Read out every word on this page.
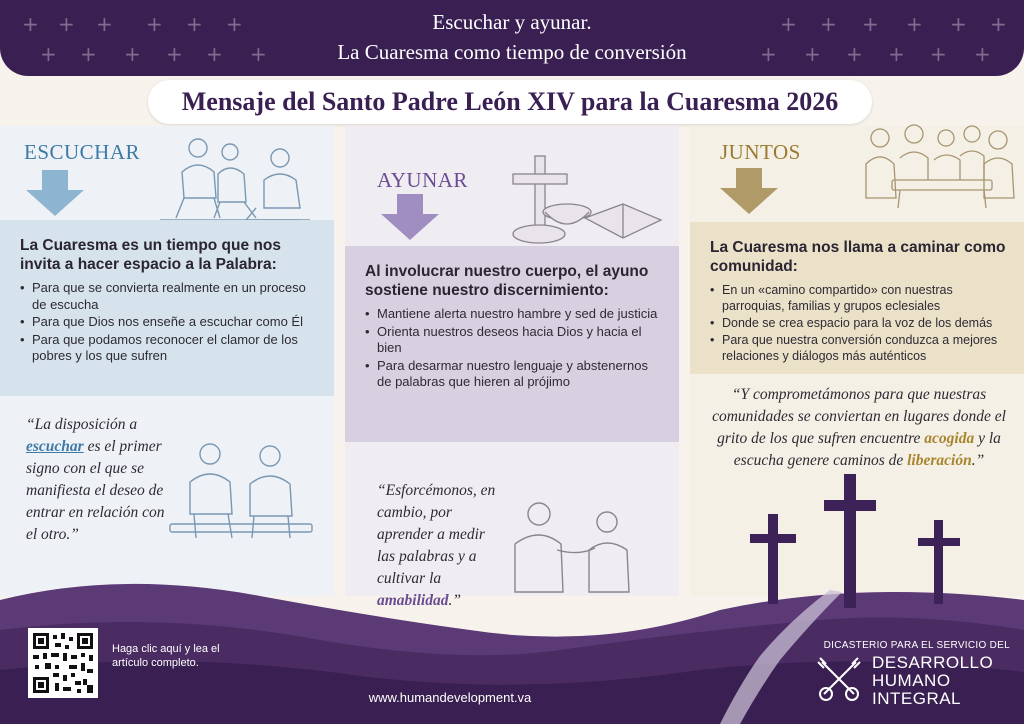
+ + + + + +
+ + + + + +
+ + + + + +
+ + + + + +
Escuchar y ayunar.
La Cuaresma como tiempo de conversión
Mensaje del Santo Padre León XIV para la Cuaresma 2026
ESCUCHAR
La Cuaresma es un tiempo que nos invita a hacer espacio a la Palabra:
• Para que se convierta realmente en un proceso de escucha
• Para que Dios nos enseñe a escuchar como Él
• Para que podamos reconocer el clamor de los pobres y los que sufren
“La disposición a escuchar es el primer signo con el que se manifiesta el deseo de entrar en relación con el otro.”
AYUNAR
Al involucrar nuestro cuerpo, el ayuno sostiene nuestro discernimiento:
• Mantiene alerta nuestro hambre y sed de justicia
• Orienta nuestros deseos hacia Dios y hacia el bien
• Para desarmar nuestro lenguaje y abstenernos de palabras que hieren al prójimo
“Esforcémonos, en cambio, por aprender a medir las palabras y a cultivar la amabilidad.”
JUNTOS
La Cuaresma nos llama a caminar como comunidad:
• En un «camino compartido» con nuestras parroquias, familias y grupos eclesiales
• Donde se crea espacio para la voz de los demás
• Para que nuestra conversión conduzca a mejores relaciones y diálogos más auténticos
“Y comprometámonos para que nuestras comunidades se conviertan en lugares donde el grito de los que sufren encuentre acogida y la escucha genere caminos de liberación.”
Haga clic aquí y lea el artículo completo.
www.humandevelopment.va
DICASTERIO PARA EL SERVICIO DEL
DESARROLLO
HUMANO
INTEGRAL
